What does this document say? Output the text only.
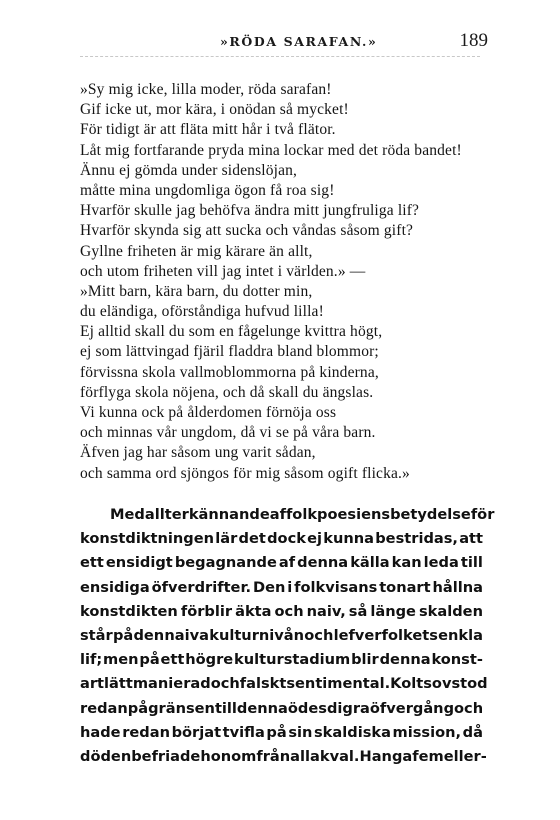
»RÖDA SARAFAN.»	189
»Sy mig icke, lilla moder, röda sarafan!
Gif icke ut, mor kära, i onödan så mycket!
För tidigt är att fläta mitt hår i två flätor.
Låt mig fortfarande pryda mina lockar med det röda bandet!
Ännu ej gömda under sidenslöjan,
måtte mina ungdomliga ögon få roa sig!
Hvarför skulle jag behöfva ändra mitt jungfruliga lif?
Hvarför skynda sig att sucka och våndas såsom gift?
Gyllne friheten är mig kärare än allt,
och utom friheten vill jag intet i världen.» —
»Mitt barn, kära barn, du dotter min,
du eländiga, oförståndiga hufvud lilla!
Ej alltid skall du som en fågelunge kvittra högt,
ej som lättvingad fjäril fladdra bland blommor;
förvissna skola vallmoblommorna på kinderna,
förflyga skola nöjena, och då skall du ängslas.
Vi kunna ock på ålderdomen förnöja oss
och minnas vår ungdom, då vi se på våra barn.
Äfven jag har såsom ung varit sådan,
och samma ord sjöngos för mig såsom ogift flicka.»
Med allt erkännande af folkpoesiens betydelse för
konstdiktningen lär det dock ej kunna bestridas, att
ett ensidigt begagnande af denna källa kan leda till
ensidiga öfverdrifter. Den i folkvisans tonart hållna
konstdikten förblir äkta och naiv, så länge skalden
står på den naiva kulturnivån och lefver folkets enkla
lif; men på ett högre kulturstadium blir denna konst-
art lätt manierad och falskt sentimental. Koltsov stod
redan på gränsen till denna ödesdigra öfvergång och
hade redan börjat tvifla på sin skaldiska mission, då
döden befriade honom från alla kval. Han gaf emeller-
